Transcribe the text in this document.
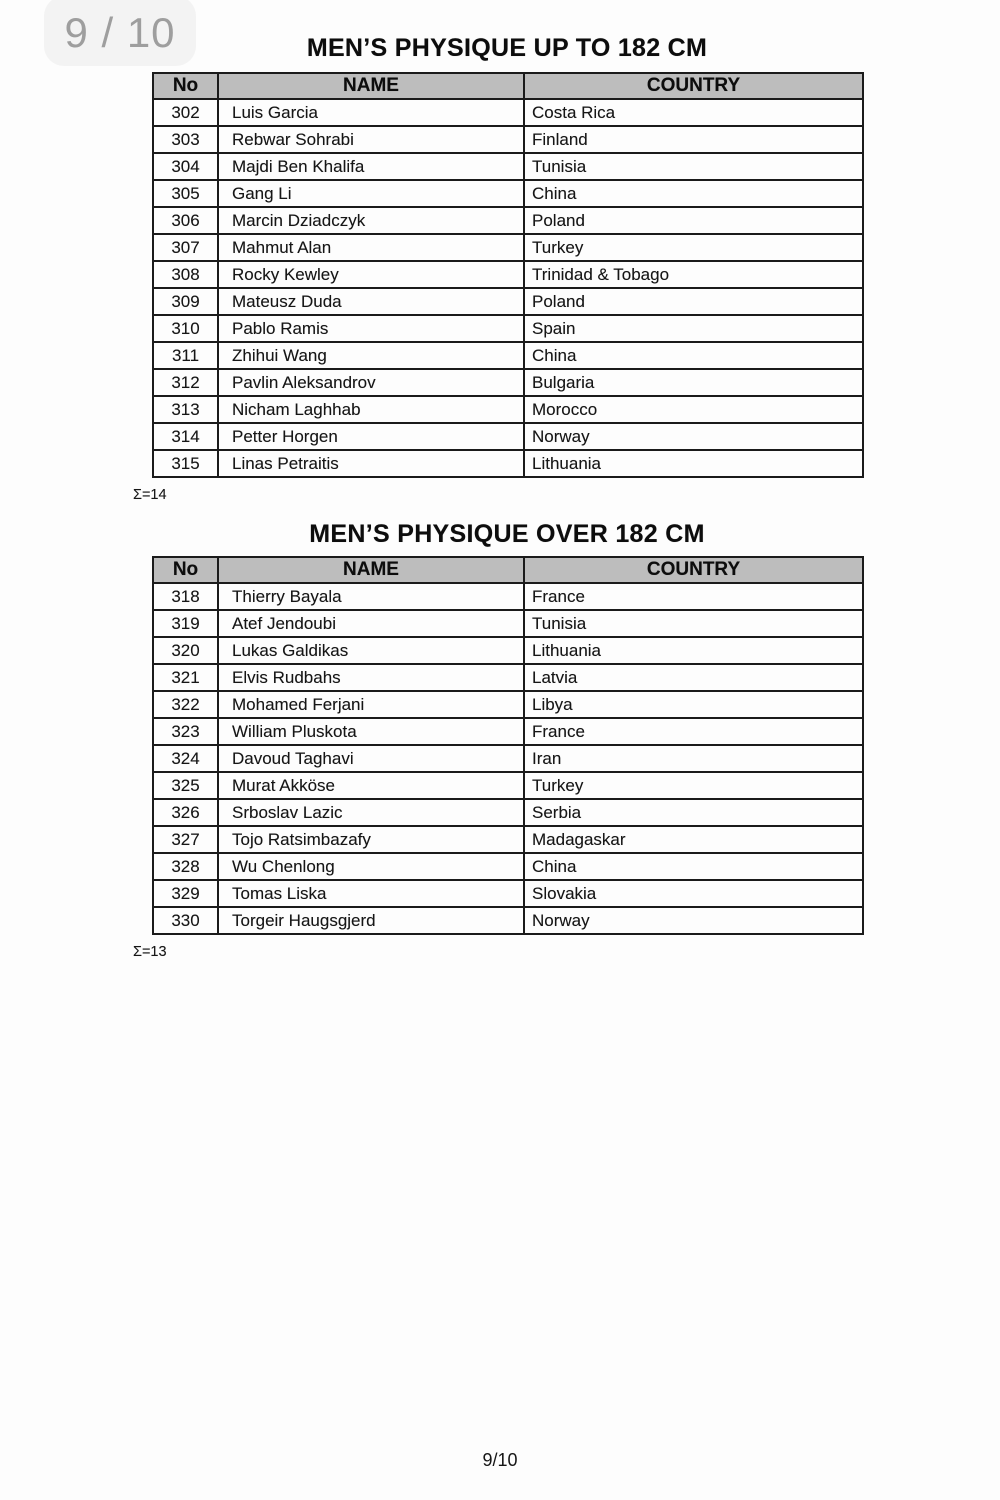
9 / 10	MEN’S PHYSIQUE UP TO 182 CM
No	NAME	COUNTRY
302	Luis Garcia	Costa Rica
303	Rebwar Sohrabi	Finland
304	Majdi Ben Khalifa	Tunisia
305	Gang Li	China
306	Marcin Dziadczyk	Poland
307	Mahmut Alan	Turkey
308	Rocky Kewley	Trinidad & Tobago
309	Mateusz Duda	Poland
310	Pablo Ramis	Spain
311	Zhihui Wang	China
312	Pavlin Aleksandrov	Bulgaria
313	Nicham Laghhab	Morocco
314	Petter Horgen	Norway
315	Linas Petraitis	Lithuania
Σ=14
MEN’S PHYSIQUE OVER 182 CM
No	NAME	COUNTRY
318	Thierry Bayala	France
319	Atef Jendoubi	Tunisia
320	Lukas Galdikas	Lithuania
321	Elvis Rudbahs	Latvia
322	Mohamed Ferjani	Libya
323	William Pluskota	France
324	Davoud Taghavi	Iran
325	Murat Akköse	Turkey
326	Srboslav Lazic	Serbia
327	Tojo Ratsimbazafy	Madagaskar
328	Wu Chenlong	China
329	Tomas Liska	Slovakia
330	Torgeir Haugsgjerd	Norway
Σ=13
9/10
